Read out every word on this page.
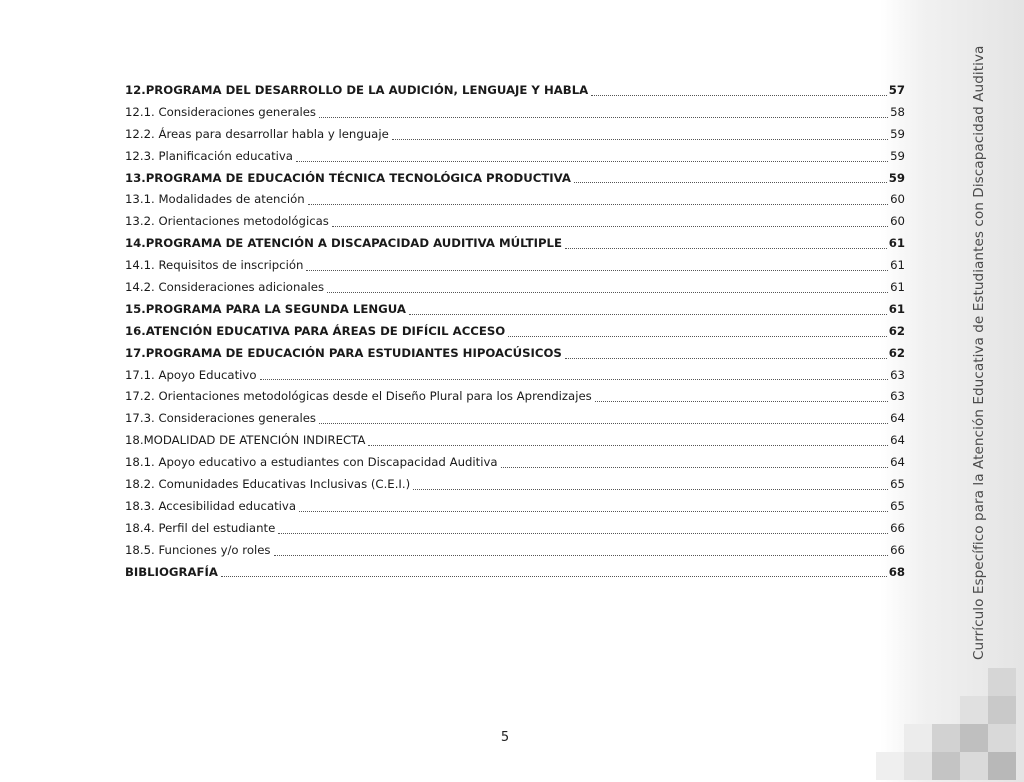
Currículo Específico para la Atención Educativa de Estudiantes con Discapacidad Auditiva
12.PROGRAMA DEL DESARROLLO DE LA AUDICIÓN, LENGUAJE Y HABLA	57
12.1. Consideraciones generales	58
12.2. Áreas para desarrollar habla y lenguaje	59
12.3. Planificación educativa	59
13.PROGRAMA DE EDUCACIÓN TÉCNICA TECNOLÓGICA PRODUCTIVA	59
13.1. Modalidades de atención	60
13.2. Orientaciones metodológicas	60
14.PROGRAMA DE ATENCIÓN A DISCAPACIDAD AUDITIVA MÚLTIPLE	61
14.1. Requisitos de inscripción	61
14.2. Consideraciones adicionales	61
15.PROGRAMA PARA LA SEGUNDA LENGUA	61
16.ATENCIÓN EDUCATIVA PARA ÁREAS DE DIFÍCIL ACCESO	62
17.PROGRAMA DE EDUCACIÓN PARA ESTUDIANTES HIPOACÚSICOS	62
17.1. Apoyo Educativo	63
17.2. Orientaciones metodológicas desde el Diseño Plural para los Aprendizajes	63
17.3. Consideraciones generales	64
18.MODALIDAD DE ATENCIÓN INDIRECTA	64
18.1. Apoyo educativo a estudiantes con Discapacidad Auditiva	64
18.2. Comunidades Educativas Inclusivas (C.E.I.)	65
18.3. Accesibilidad educativa	65
18.4. Perfil del estudiante	66
18.5. Funciones y/o roles	66
BIBLIOGRAFÍA	68
5
